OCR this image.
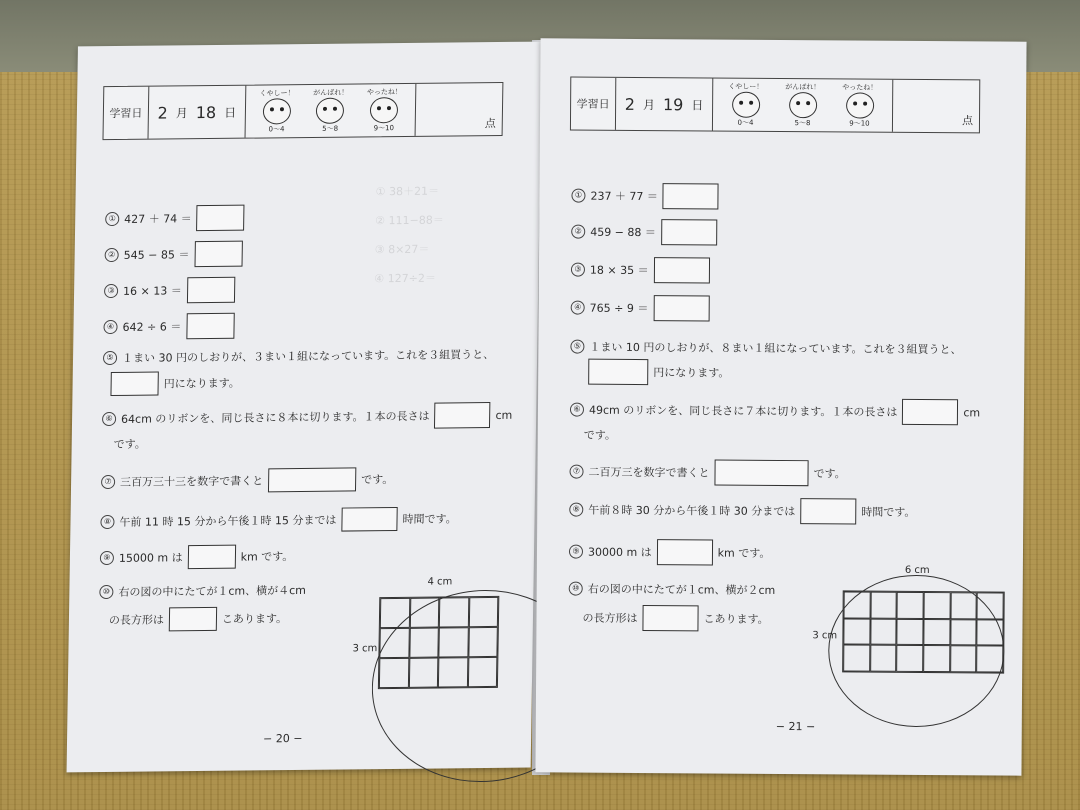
学習日 2 月 18 日
くやしー！
0〜4
がんばれ！
5〜8
やったね！
9〜10	点
① 38＋21＝

② 111−88＝

③ 8×27＝

④ 127÷2＝
① 427 ＋ 74 ＝
② 545 − 85 ＝
③ 16 × 13 ＝
④ 642 ÷ 6 ＝
⑤ １まい 30 円のしおりが、３まい１組になっています。これを３組買うと、
円になります。
⑥ 64cm のリボンを、同じ長さに８本に切ります。１本の長さは	cm
です。
⑦ 三百万三十三を数字で書くと	です。
⑧ 午前 11 時 15 分から午後１時 15 分までは	時間です。
⑨ 15000 m は	km です。
⑩ 右の図の中にたてが１cm、横が４cm
の長方形は	こあります。
4 cm
3 cm
− 20 −
学習日 2 月 19 日
くやしー！
0〜4
がんばれ！
5〜8
やったね！
9〜10	点
① 237 ＋ 77 ＝
② 459 − 88 ＝
③ 18 × 35 ＝
④ 765 ÷ 9 ＝
⑤ １まい 10 円のしおりが、８まい１組になっています。これを３組買うと、
円になります。
⑥ 49cm のリボンを、同じ長さに７本に切ります。１本の長さは	cm
です。
⑦ 二百万三を数字で書くと	です。
⑧ 午前８時 30 分から午後１時 30 分までは	時間です。
⑨ 30000 m は	km です。
⑩ 右の図の中にたてが１cm、横が２cm
の長方形は	こあります。
6 cm
3 cm
− 21 −
